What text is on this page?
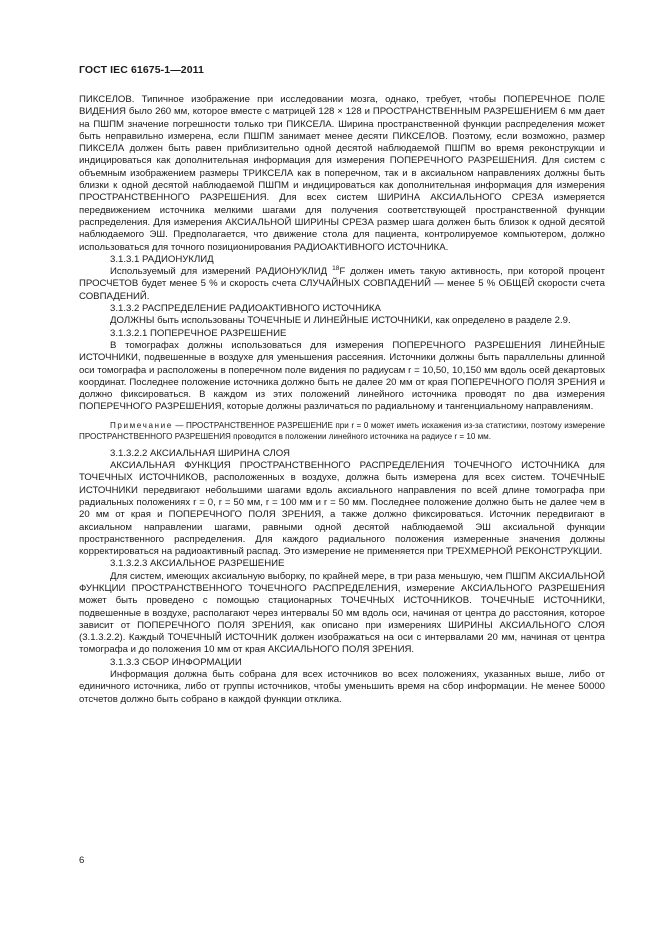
ГОСТ IEC 61675-1—2011

ПИКСЕЛОВ. Типичное изображение при исследовании мозга, однако, требует, чтобы ПОПЕРЕЧНОЕ ПОЛЕ ВИДЕНИЯ было 260 мм, которое вместе с матрицей 128 × 128 и ПРОСТРАНСТВЕННЫМ РАЗРЕШЕНИЕМ 6 мм дает на ПШПМ значение погрешности только три ПИКСЕЛА. Ширина пространственной функции распределения может быть неправильно измерена, если ПШПМ занимает менее десяти ПИКСЕЛОВ. Поэтому, если возможно, размер ПИКСЕЛА должен быть равен приблизительно одной десятой наблюдаемой ПШПМ во время реконструкции и индицироваться как дополнительная информация для измерения ПОПЕРЕЧНОГО РАЗРЕШЕНИЯ. Для систем с объемным изображением размеры ТРИКСЕЛА как в поперечном, так и в аксиальном направлениях должны быть близки к одной десятой наблюдаемой ПШПМ и индицироваться как дополнительная информация для измерения ПРОСТРАНСТВЕННОГО РАЗРЕШЕНИЯ. Для всех систем ШИРИНА АКСИАЛЬНОГО СРЕЗА измеряется передвижением источника мелкими шагами для получения соответствующей пространственной функции распределения. Для измерения АКСИАЛЬНОЙ ШИРИНЫ СРЕЗА размер шага должен быть близок к одной десятой наблюдаемого ЭШ. Предполагается, что движение стола для пациента, контролируемое компьютером, должно использоваться для точного позиционирования РАДИОАКТИВНОГО ИСТОЧНИКА.

3.1.3.1 РАДИОНУКЛИД

Используемый для измерений РАДИОНУКЛИД $^{18}$F должен иметь такую активность, при которой процент ПРОСЧЕТОВ будет менее 5 % и скорость счета СЛУЧАЙНЫХ СОВПАДЕНИЙ — менее 5 % ОБЩЕЙ скорости счета СОВПАДЕНИЙ.

3.1.3.2 РАСПРЕДЕЛЕНИЕ РАДИОАКТИВНОГО ИСТОЧНИКА

ДОЛЖНЫ быть использованы ТОЧЕЧНЫЕ И ЛИНЕЙНЫЕ ИСТОЧНИКИ, как определено в разделе 2.9.

3.1.3.2.1 ПОПЕРЕЧНОЕ РАЗРЕШЕНИЕ

В томографах должны использоваться для измерения ПОПЕРЕЧНОГО РАЗРЕШЕНИЯ ЛИНЕЙНЫЕ ИСТОЧНИКИ, подвешенные в воздухе для уменьшения рассеяния. Источники должны быть параллельны длинной оси томографа и расположены в поперечном поле видения по радиусам r = 10,50, 10,150 мм вдоль осей декартовых координат. Последнее положение источника должно быть не далее 20 мм от края ПОПЕРЕЧНОГО ПОЛЯ ЗРЕНИЯ и должно фиксироваться. В каждом из этих положений линейного источника проводят по два измерения ПОПЕРЕЧНОГО РАЗРЕШЕНИЯ, которые должны различаться по радиальному и тангенциальному направлениям.

Примечание — ПРОСТРАНСТВЕННОЕ РАЗРЕШЕНИЕ при r = 0 может иметь искажения из-за статистики, поэтому измерение ПРОСТРАНСТВЕННОГО РАЗРЕШЕНИЯ проводится в положении линейного источника на радиусе r = 10 мм.

3.1.3.2.2 АКСИАЛЬНАЯ ШИРИНА СЛОЯ

АКСИАЛЬНАЯ ФУНКЦИЯ ПРОСТРАНСТВЕННОГО РАСПРЕДЕЛЕНИЯ ТОЧЕЧНОГО ИСТОЧНИКА для ТОЧЕЧНЫХ ИСТОЧНИКОВ, расположенных в воздухе, должна быть измерена для всех систем. ТОЧЕЧНЫЕ ИСТОЧНИКИ передвигают небольшими шагами вдоль аксиального направления по всей длине томографа при радиальных положениях r = 0, r = 50 мм, r = 100 мм и r = 50 мм. Последнее положение должно быть не далее чем в 20 мм от края и ПОПЕРЕЧНОГО ПОЛЯ ЗРЕНИЯ, а также должно фиксироваться. Источник передвигают в аксиальном направлении шагами, равными одной десятой наблюдаемой ЭШ аксиальной функции пространственного распределения. Для каждого радиального положения измеренные значения должны корректироваться на радиоактивный распад. Это измерение не применяется при ТРЕХМЕРНОЙ РЕКОНСТРУКЦИИ.

3.1.3.2.3 АКСИАЛЬНОЕ РАЗРЕШЕНИЕ

Для систем, имеющих аксиальную выборку, по крайней мере, в три раза меньшую, чем ПШПМ АКСИАЛЬНОЙ ФУНКЦИИ ПРОСТРАНСТВЕННОГО ТОЧЕЧНОГО РАСПРЕДЕЛЕНИЯ, измерение АКСИАЛЬНОГО РАЗРЕШЕНИЯ может быть проведено с помощью стационарных ТОЧЕЧНЫХ ИСТОЧНИКОВ. ТОЧЕЧНЫЕ ИСТОЧНИКИ, подвешенные в воздухе, располагают через интервалы 50 мм вдоль оси, начиная от центра до расстояния, которое зависит от ПОПЕРЕЧНОГО ПОЛЯ ЗРЕНИЯ, как описано при измерениях ШИРИНЫ АКСИАЛЬНОГО СЛОЯ (3.1.3.2.2). Каждый ТОЧЕЧНЫЙ ИСТОЧНИК должен изображаться на оси с интервалами 20 мм, начиная от центра томографа и до положения 10 мм от края АКСИАЛЬНОГО ПОЛЯ ЗРЕНИЯ.

3.1.3.3 СБОР ИНФОРМАЦИИ

Информация должна быть собрана для всех источников во всех положениях, указанных выше, либо от единичного источника, либо от группы источников, чтобы уменьшить время на сбор информации. Не менее 50000 отсчетов должно быть собрано в каждой функции отклика.

6
